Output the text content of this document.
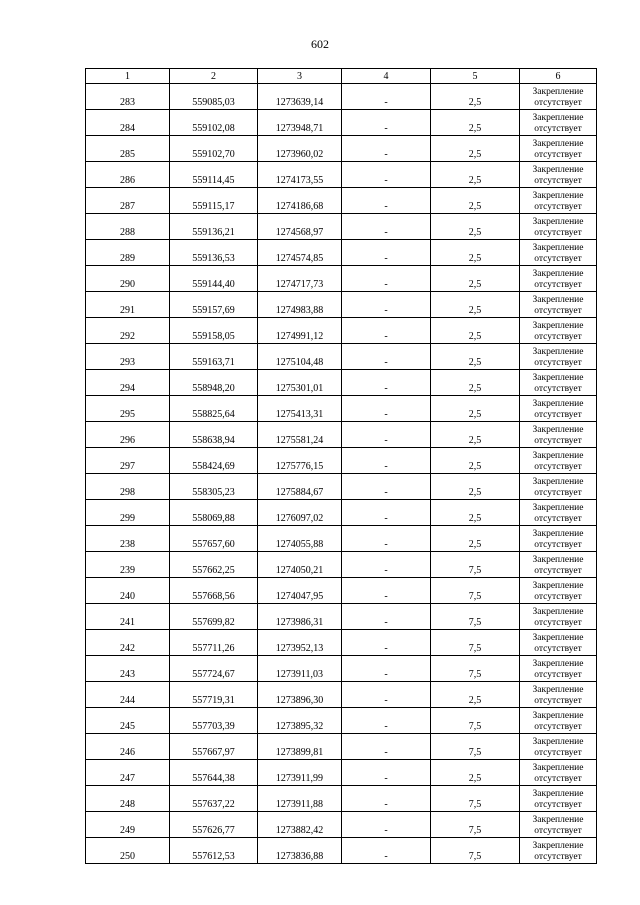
602
1	2	3	4	5	6
283	559085,03	1273639,14	-	2,5	Закрепление отсутствует
284	559102,08	1273948,71	-	2,5	Закрепление отсутствует
285	559102,70	1273960,02	-	2,5	Закрепление отсутствует
286	559114,45	1274173,55	-	2,5	Закрепление отсутствует
287	559115,17	1274186,68	-	2,5	Закрепление отсутствует
288	559136,21	1274568,97	-	2,5	Закрепление отсутствует
289	559136,53	1274574,85	-	2,5	Закрепление отсутствует
290	559144,40	1274717,73	-	2,5	Закрепление отсутствует
291	559157,69	1274983,88	-	2,5	Закрепление отсутствует
292	559158,05	1274991,12	-	2,5	Закрепление отсутствует
293	559163,71	1275104,48	-	2,5	Закрепление отсутствует
294	558948,20	1275301,01	-	2,5	Закрепление отсутствует
295	558825,64	1275413,31	-	2,5	Закрепление отсутствует
296	558638,94	1275581,24	-	2,5	Закрепление отсутствует
297	558424,69	1275776,15	-	2,5	Закрепление отсутствует
298	558305,23	1275884,67	-	2,5	Закрепление отсутствует
299	558069,88	1276097,02	-	2,5	Закрепление отсутствует
238	557657,60	1274055,88	-	2,5	Закрепление отсутствует
239	557662,25	1274050,21	-	7,5	Закрепление отсутствует
240	557668,56	1274047,95	-	7,5	Закрепление отсутствует
241	557699,82	1273986,31	-	7,5	Закрепление отсутствует
242	557711,26	1273952,13	-	7,5	Закрепление отсутствует
243	557724,67	1273911,03	-	7,5	Закрепление отсутствует
244	557719,31	1273896,30	-	2,5	Закрепление отсутствует
245	557703,39	1273895,32	-	7,5	Закрепление отсутствует
246	557667,97	1273899,81	-	7,5	Закрепление отсутствует
247	557644,38	1273911,99	-	2,5	Закрепление отсутствует
248	557637,22	1273911,88	-	7,5	Закрепление отсутствует
249	557626,77	1273882,42	-	7,5	Закрепление отсутствует
250	557612,53	1273836,88	-	7,5	Закрепление отсутствует
